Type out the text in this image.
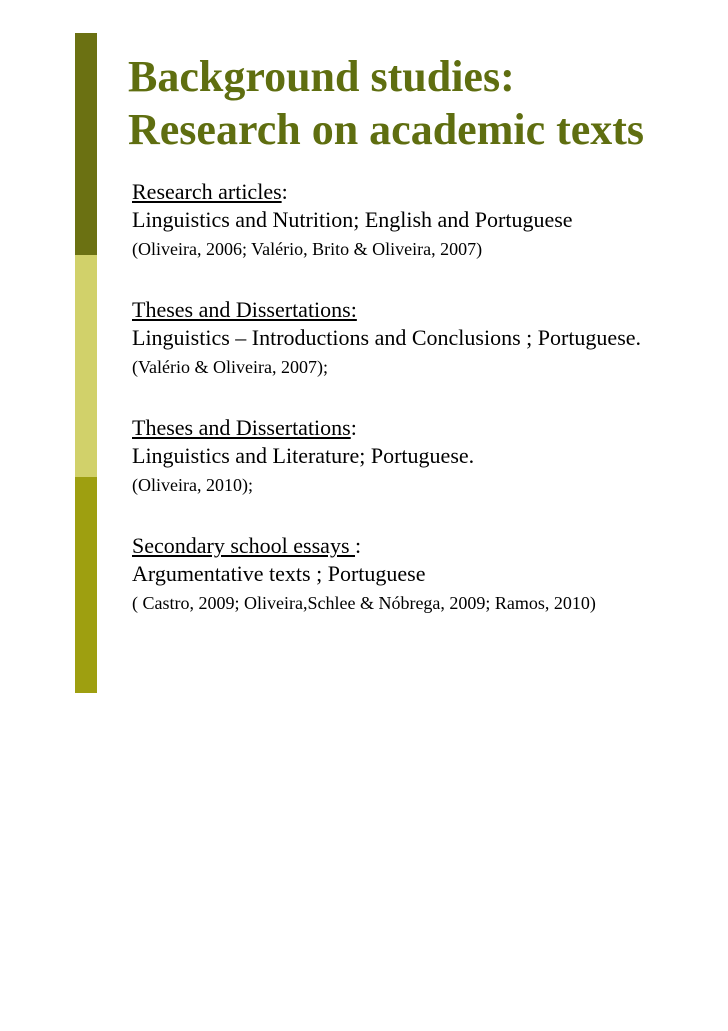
Background studies:
Research on academic texts
Research articles:
Linguistics and Nutrition; English and Portuguese
(Oliveira, 2006; Valério, Brito & Oliveira, 2007)
Theses and Dissertations:
Linguistics – Introductions and Conclusions ; Portuguese.
(Valério & Oliveira, 2007);
Theses and Dissertations:
Linguistics and Literature; Portuguese.
(Oliveira, 2010);
Secondary school essays :
Argumentative texts ; Portuguese
( Castro, 2009; Oliveira,Schlee & Nóbrega, 2009; Ramos, 2010)
